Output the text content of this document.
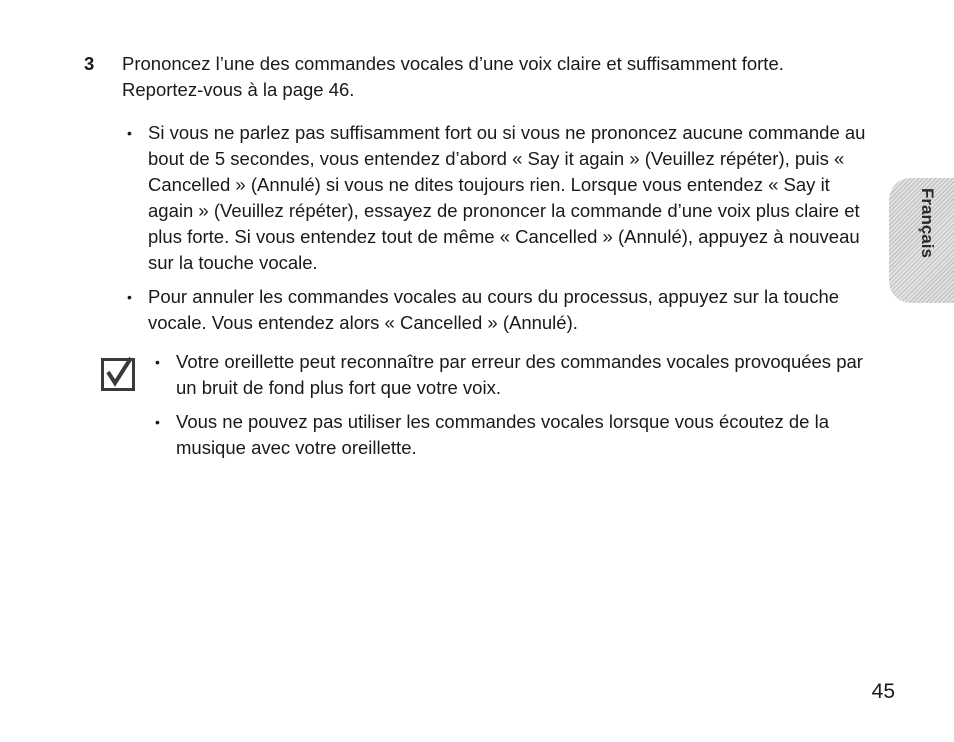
3	Prononcez l’une des commandes vocales d’une voix claire et suffisamment forte.
Reportez-vous à la page 46.
• Si vous ne parlez pas suffisamment fort ou si vous ne prononcez aucune commande au bout de 5 secondes, vous entendez d’abord « Say it again » (Veuillez répéter), puis « Cancelled » (Annulé) si vous ne dites toujours rien. Lorsque vous entendez « Say it again » (Veuillez répéter), essayez de prononcer la commande d’une voix plus claire et plus forte. Si vous entendez tout de même « Cancelled » (Annulé), appuyez à nouveau sur la touche vocale.
• Pour annuler les commandes vocales au cours du processus, appuyez sur la touche vocale. Vous entendez alors « Cancelled » (Annulé).
• Votre oreillette peut reconnaître par erreur des commandes vocales provoquées par un bruit de fond plus fort que votre voix.
• Vous ne pouvez pas utiliser les commandes vocales lorsque vous écoutez de la musique avec votre oreillette.
Français
45
